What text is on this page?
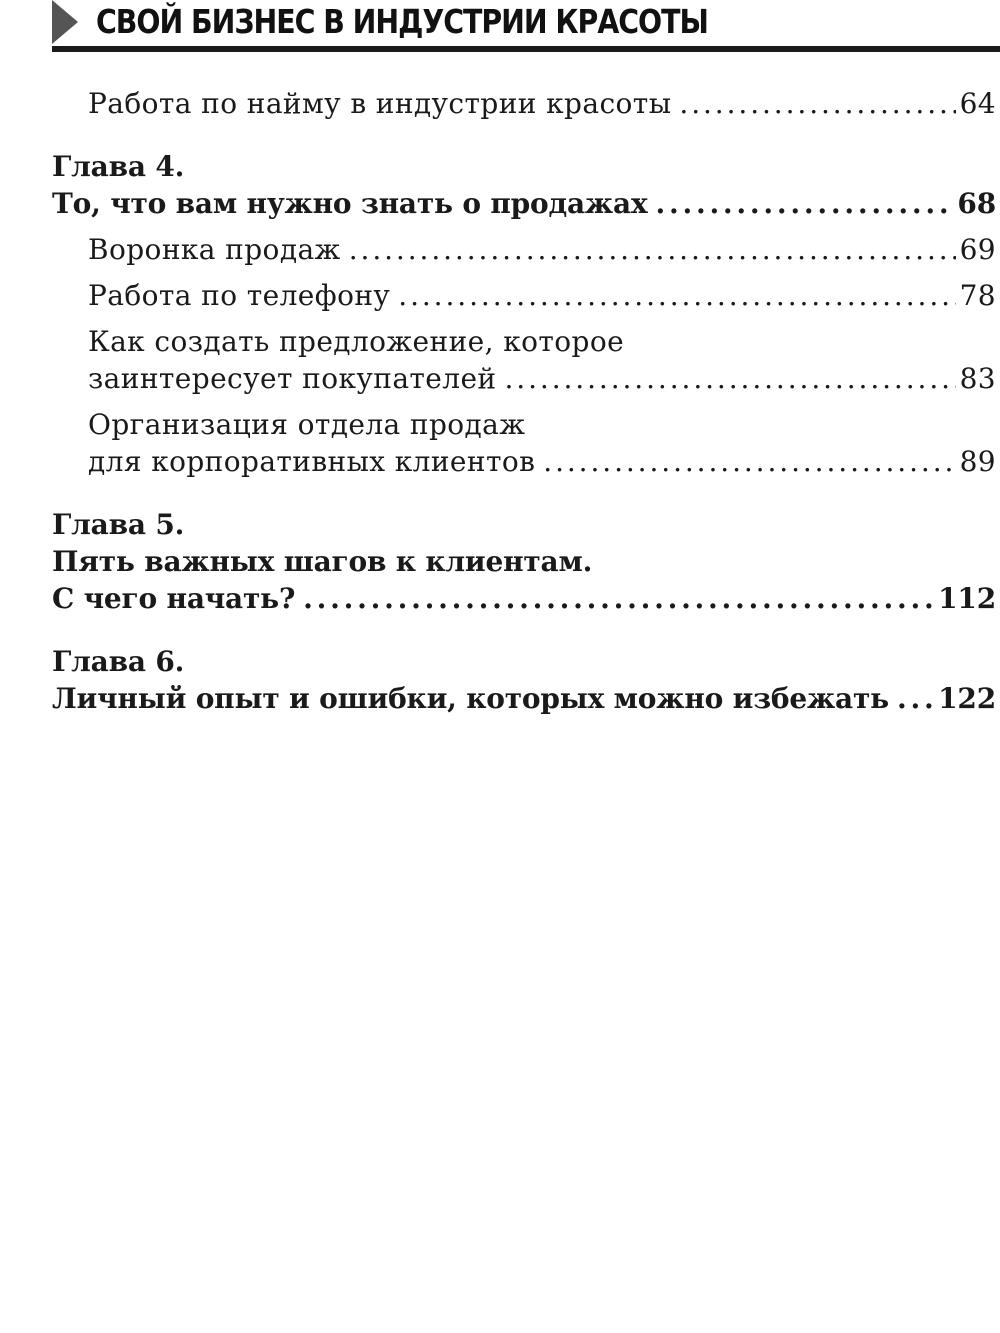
СВОЙ БИЗНЕС В ИНДУСТРИИ КРАСОТЫ
Работа по найму в индустрии красоты . . .	64
Глава 4.
То, что вам нужно знать о продажах . . .	68
Воронка продаж . . .	69
Работа по телефону . . .	78
Как создать предложение, которое
заинтересует покупателей . . .	83
Организация отдела продаж
для корпоративных клиентов . . .	89
Глава 5.
Пять важных шагов к клиентам.
С чего начать? . . .	112
Глава 6.
Личный опыт и ошибки, которых можно избежать . . . 122
